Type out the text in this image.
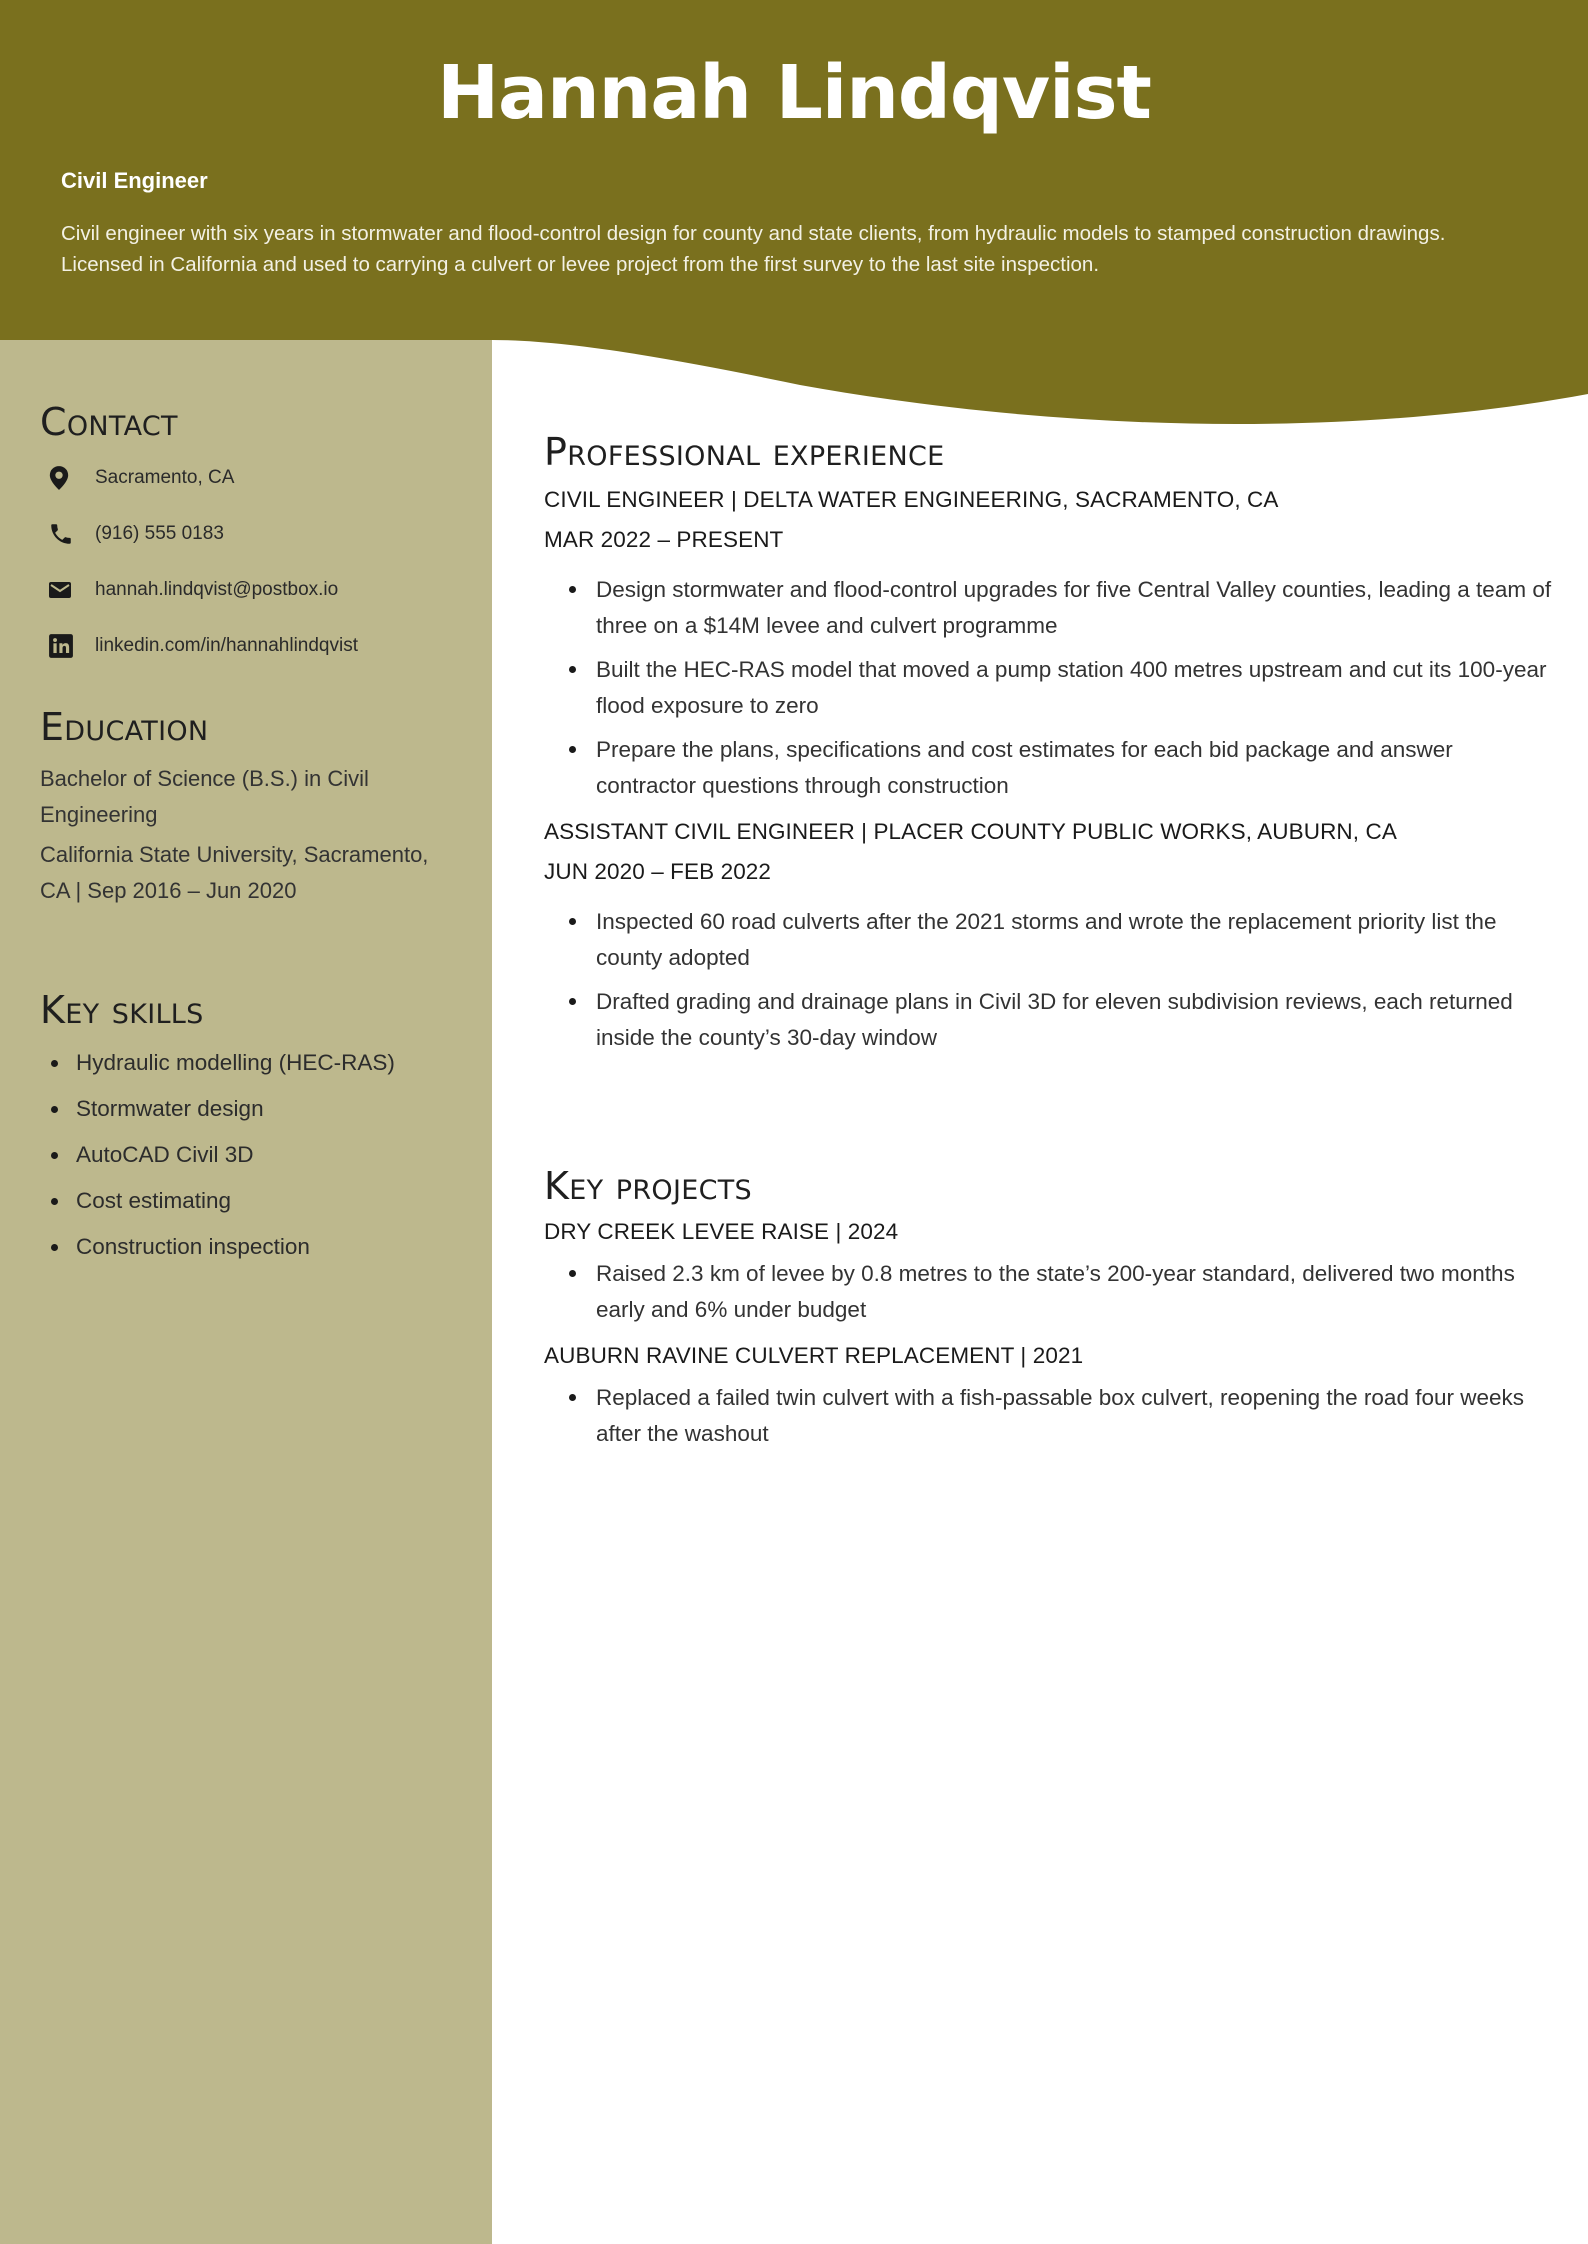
Hannah Lindqvist

Civil Engineer

Civil engineer with six years in stormwater and flood-control design for county and state clients, from hydraulic models to stamped construction drawings. Licensed in California and used to carrying a culvert or levee project from the first survey to the last site inspection.

Contact
Sacramento, CA
(916) 555 0183
hannah.lindqvist@postbox.io
linkedin.com/in/hannahlindqvist
Education

Bachelor of Science (B.S.) in Civil Engineering

California State University, Sacramento, CA | Sep 2016 – Jun 2020

Key skills
Hydraulic modelling (HEC-RAS)
Stormwater design
AutoCAD Civil 3D
Cost estimating
Construction inspection
Professional experience

CIVIL ENGINEER | DELTA WATER ENGINEERING, SACRAMENTO, CA

MAR 2022 – PRESENT

Design stormwater and flood-control upgrades for five Central Valley counties, leading a team of three on a $14M levee and culvert programme
Built the HEC-RAS model that moved a pump station 400 metres upstream and cut its 100-year flood exposure to zero
Prepare the plans, specifications and cost estimates for each bid package and answer contractor questions through construction

ASSISTANT CIVIL ENGINEER | PLACER COUNTY PUBLIC WORKS, AUBURN, CA

JUN 2020 – FEB 2022

Inspected 60 road culverts after the 2021 storms and wrote the replacement priority list the county adopted
Drafted grading and drainage plans in Civil 3D for eleven subdivision reviews, each returned inside the county’s 30-day window
Key projects

DRY CREEK LEVEE RAISE | 2024

Raised 2.3 km of levee by 0.8 metres to the state’s 200-year standard, delivered two months early and 6% under budget

AUBURN RAVINE CULVERT REPLACEMENT | 2021

Replaced a failed twin culvert with a fish-passable box culvert, reopening the road four weeks after the washout
